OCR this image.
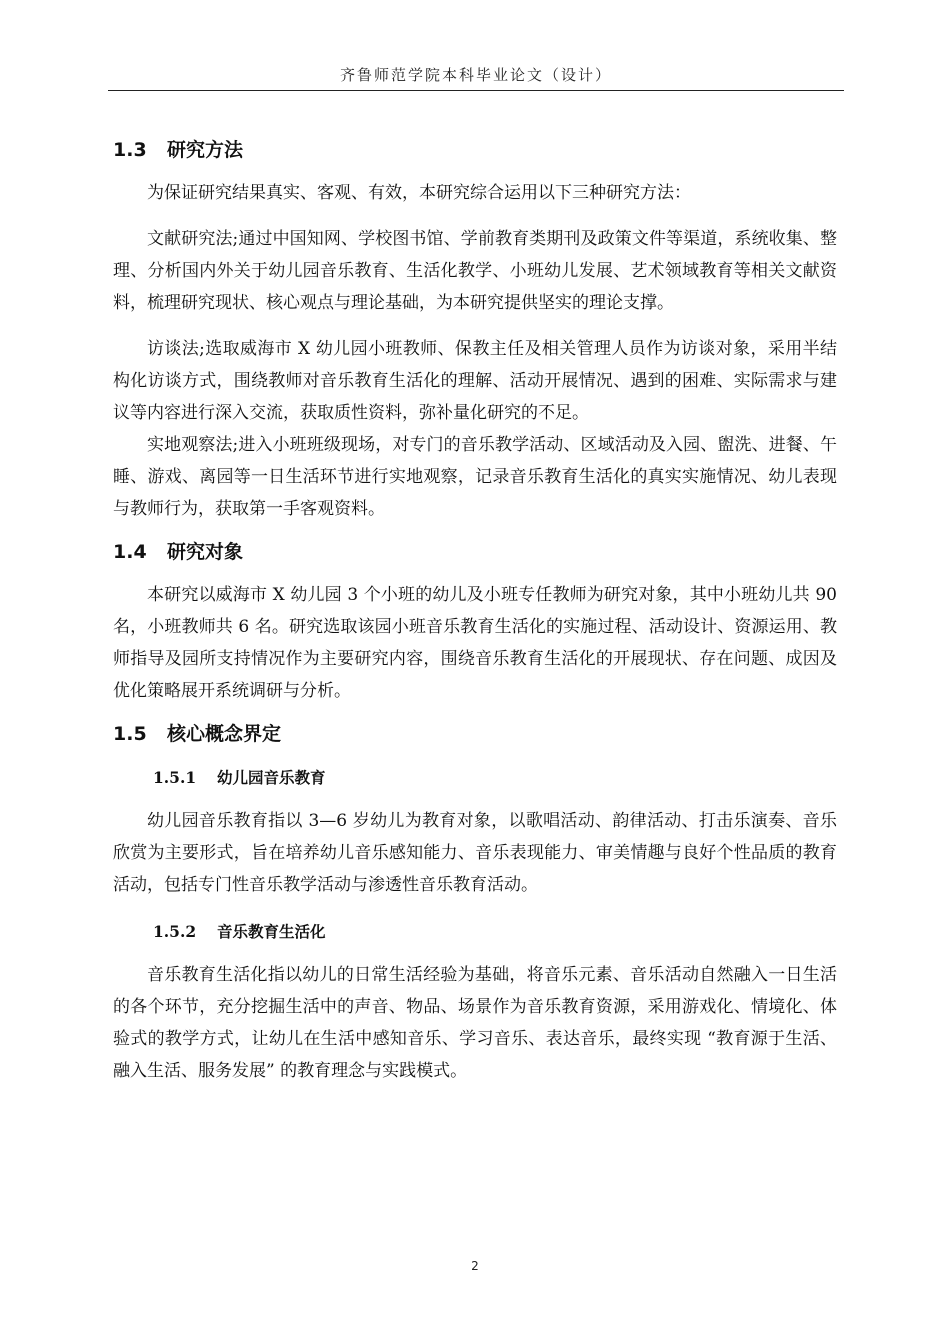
齐鲁师范学院本科毕业论文（设计）
1.3 研究方法

为保证研究结果真实、客观、有效，本研究综合运用以下三种研究方法：

文献研究法;通过中国知网、学校图书馆、学前教育类期刊及政策文件等渠道，系统收集、整理、分析国内外关于幼儿园音乐教育、生活化教学、小班幼儿发展、艺术领域教育等相关文献资料，梳理研究现状、核心观点与理论基础，为本研究提供坚实的理论支撑。

访谈法;选取威海市 X 幼儿园小班教师、保教主任及相关管理人员作为访谈对象，采用半结构化访谈方式，围绕教师对音乐教育生活化的理解、活动开展情况、遇到的困难、实际需求与建议等内容进行深入交流，获取质性资料，弥补量化研究的不足。

实地观察法;进入小班班级现场，对专门的音乐教学活动、区域活动及入园、盥洗、进餐、午睡、游戏、离园等一日生活环节进行实地观察，记录音乐教育生活化的真实实施情况、幼儿表现与教师行为，获取第一手客观资料。

1.4 研究对象

本研究以威海市 X 幼儿园 3 个小班的幼儿及小班专任教师为研究对象，其中小班幼儿共 90 名，小班教师共 6 名。研究选取该园小班音乐教育生活化的实施过程、活动设计、资源运用、教师指导及园所支持情况作为主要研究内容，围绕音乐教育生活化的开展现状、存在问题、成因及优化策略展开系统调研与分析。

1.5 核心概念界定
1.5.1 幼儿园音乐教育

幼儿园音乐教育指以 3—6 岁幼儿为教育对象，以歌唱活动、韵律活动、打击乐演奏、音乐欣赏为主要形式，旨在培养幼儿音乐感知能力、音乐表现能力、审美情趣与良好个性品质的教育活动，包括专门性音乐教学活动与渗透性音乐教育活动。

1.5.2 音乐教育生活化

音乐教育生活化指以幼儿的日常生活经验为基础，将音乐元素、音乐活动自然融入一日生活的各个环节，充分挖掘生活中的声音、物品、场景作为音乐教育资源，采用游戏化、情境化、体验式的教学方式，让幼儿在生活中感知音乐、学习音乐、表达音乐，最终实现 “教育源于生活、融入生活、服务发展” 的教育理念与实践模式。

2
